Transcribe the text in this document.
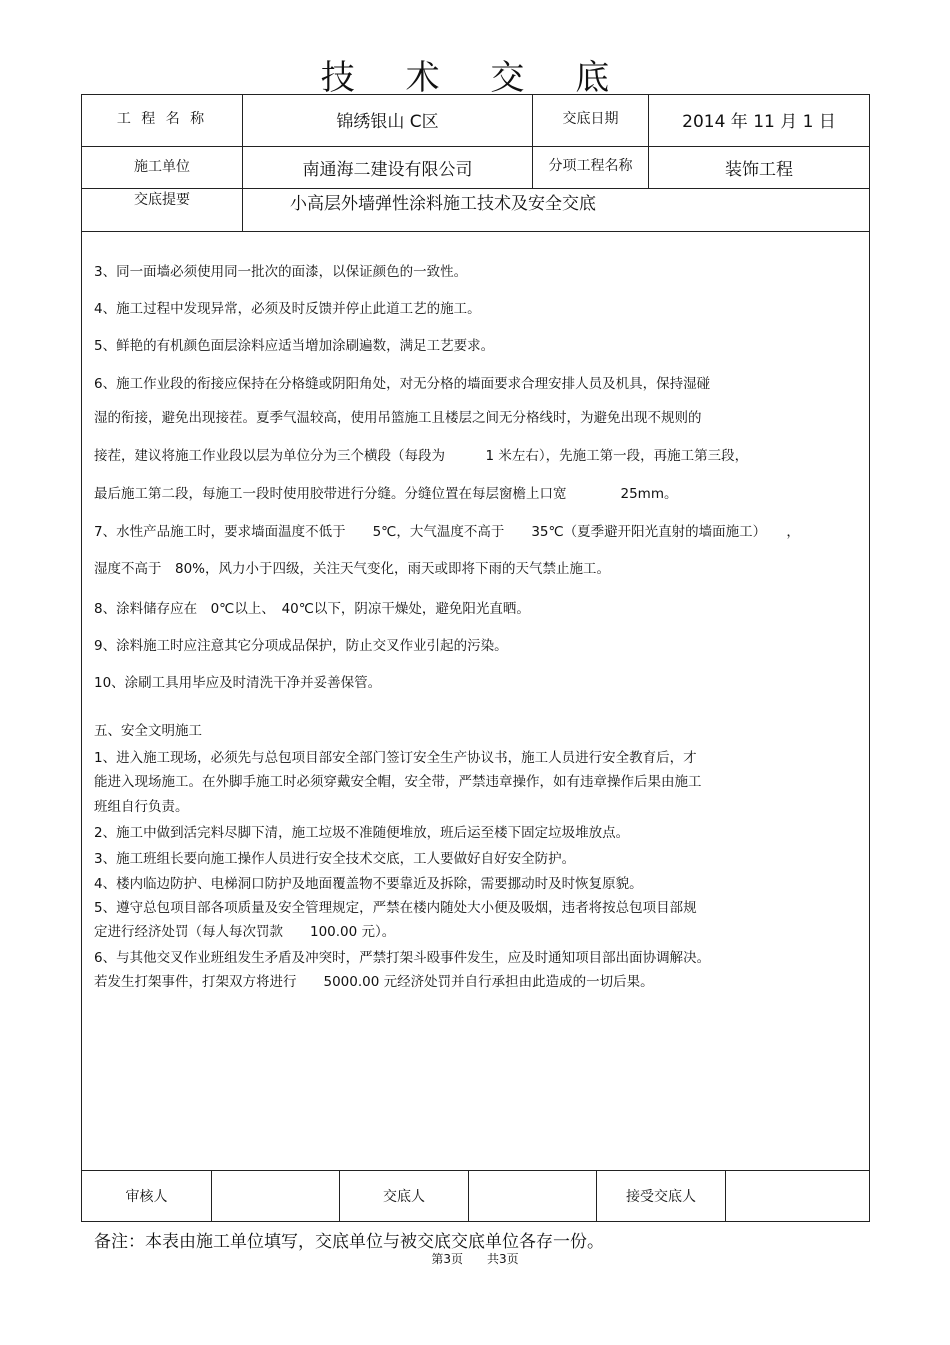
技 术 交 底
工 程 名 称	锦绣银山 C区	交底日期	2014 年 11 月 1 日
施工单位	南通海二建设有限公司	分项工程名称	装饰工程
交底提要	小高层外墙弹性涂料施工技术及安全交底
3、同一面墙必须使用同一批次的面漆，以保证颜色的一致性。
4、施工过程中发现异常，必须及时反馈并停止此道工艺的施工。
5、鲜艳的有机颜色面层涂料应适当增加涂刷遍数，满足工艺要求。
6、施工作业段的衔接应保持在分格缝或阴阳角处，对无分格的墙面要求合理安排人员及机具，保持湿碰
湿的衔接，避免出现接茬。夏季气温较高，使用吊篮施工且楼层之间无分格线时，为避免出现不规则的
接茬，建议将施工作业段以层为单位分为三个横段（每段为　　　1 米左右），先施工第一段，再施工第三段，
最后施工第二段，每施工一段时使用胶带进行分缝。分缝位置在每层窗檐上口宽　　　　25mm。
7、水性产品施工时，要求墙面温度不低于　　5℃，大气温度不高于　　35℃（夏季避开阳光直射的墙面施工）　　，
湿度不高于　80%，风力小于四级，关注天气变化，雨天或即将下雨的天气禁止施工。
8、涂料储存应在　0℃以上、　40℃以下，阴凉干燥处，避免阳光直晒。
9、涂料施工时应注意其它分项成品保护，防止交叉作业引起的污染。
10、涂刷工具用毕应及时清洗干净并妥善保管。
五、安全文明施工
1、进入施工现场，必须先与总包项目部安全部门签订安全生产协议书，施工人员进行安全教育后，才
能进入现场施工。在外脚手施工时必须穿戴安全帽，安全带，严禁违章操作，如有违章操作后果由施工
班组自行负责。
2、施工中做到活完料尽脚下清，施工垃圾不准随便堆放，班后运至楼下固定垃圾堆放点。
3、施工班组长要向施工操作人员进行安全技术交底，工人要做好自好安全防护。
4、楼内临边防护、电梯洞口防护及地面覆盖物不要靠近及拆除，需要挪动时及时恢复原貌。
5、遵守总包项目部各项质量及安全管理规定，严禁在楼内随处大小便及吸烟，违者将按总包项目部规
定进行经济处罚（每人每次罚款　　100.00 元）。
6、与其他交叉作业班组发生矛盾及冲突时，严禁打架斗殴事件发生，应及时通知项目部出面协调解决。
若发生打架事件，打架双方将进行　　5000.00 元经济处罚并自行承担由此造成的一切后果。
审核人	交底人	接受交底人
备注：本表由施工单位填写，交底单位与被交底交底单位各存一份。
第3页　　共3页
